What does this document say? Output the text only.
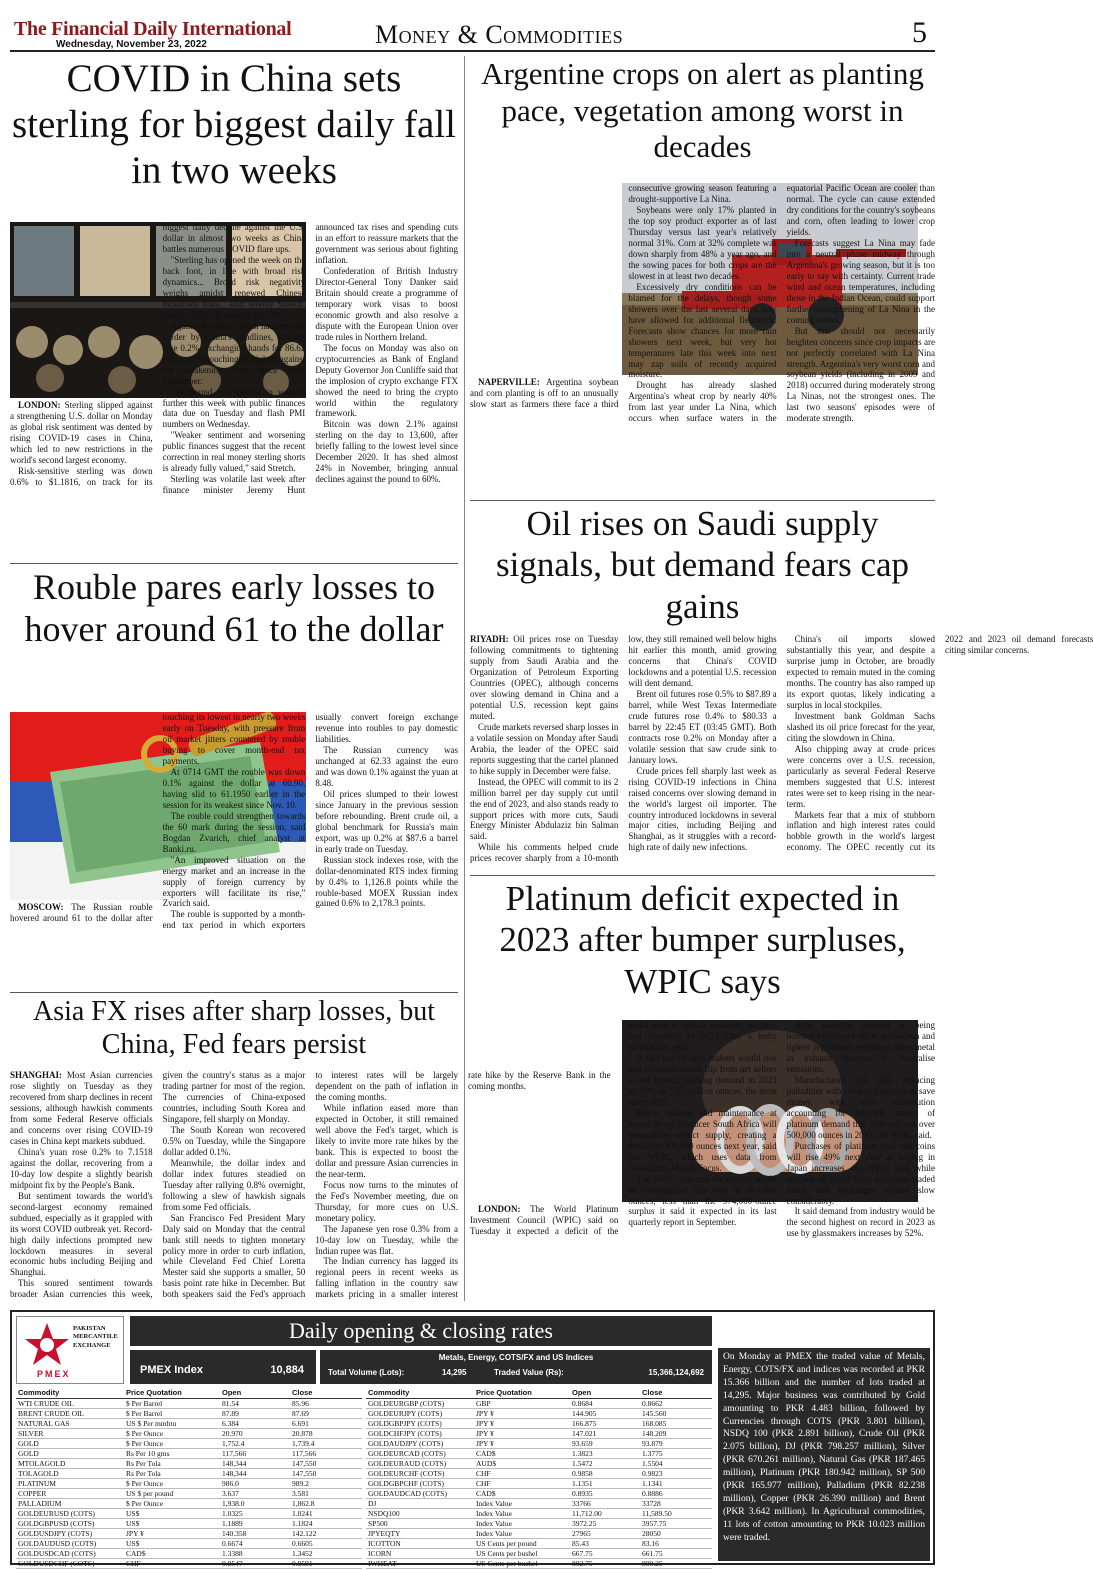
The Financial Daily International
Wednesday, November 23, 2022	Money & Commodities	5
COVID in China sets sterling for biggest daily fall in two weeks

LONDON: Sterling slipped against a strengthening U.S. dollar on Monday as global risk sentiment was dented by rising COVID-19 cases in China, which led to new restrictions in the world's second largest economy.

Risk-sensitive sterling was down 0.6% to $1.1816, on track for its biggest daily decline against the U.S. dollar in almost two weeks as China battles numerous COVID flare ups.

"Sterling has opened the week on the back foot, in line with broad risk dynamics... Broad risk negativity weighs amidst renewed Chinese lockdown fears," said Jeremy Stretch, head of G10 FX strategy at CIBC.

Against the euro, which has been hit harder by China's headlines, sterling rose 0.2%, exchanging hands for 86.62 pence, after touching its highest against the weakening euro since early November.

The pound is expected to weaken further this week with public finances data due on Tuesday and flash PMI numbers on Wednesday.

"Weaker sentiment and worsening public finances suggest that the recent correction in real money sterling shorts is already fully valued," said Stretch.

Sterling was volatile last week after finance minister Jeremy Hunt announced tax rises and spending cuts in an effort to reassure markets that the government was serious about fighting inflation.

Confederation of British Industry Director-General Tony Danker said Britain should create a programme of temporary work visas to boost economic growth and also resolve a dispute with the European Union over trade rules in Northern Ireland.

The focus on Monday was also on cryptocurrencies as Bank of England Deputy Governor Jon Cunliffe said that the implosion of crypto exchange FTX showed the need to bring the crypto world within the regulatory framework.

Bitcoin was down 2.1% against sterling on the day to 13,600, after briefly falling to the lowest level since December 2020. It has shed almost 24% in November, bringing annual declines against the pound to 60%.

Argentine crops on alert as planting pace, vegetation among worst in decades

NAPERVILLE: Argentina soybean and corn planting is off to an unusually slow start as farmers there face a third consecutive growing season featuring a drought-supportive La Nina.

Soybeans were only 17% planted in the top soy product exporter as of last Thursday versus last year's relatively normal 31%. Corn at 32% complete was down sharply from 48% a year ago, and the sowing paces for both crops are the slowest in at least two decades.

Excessively dry conditions can be blamed for the delays, though some showers over the last several days may have allowed for additional fieldwork. Forecasts show chances for more rain showers next week, but very hot temperatures late this week into next may zap soils of recently acquired moisture.

Drought has already slashed Argentina's wheat crop by nearly 40% from last year under La Nina, which occurs when surface waters in the equatorial Pacific Ocean are cooler than normal. The cycle can cause extended dry conditions for the country's soybeans and corn, often leading to lower crop yields.

Forecasts suggest La Nina may fade into a neutral phase midway through Argentina's growing season, but it is too early to say with certainty. Current trade wind and ocean temperatures, including those in the Indian Ocean, could support further strengthening of La Nina in the coming weeks.

But that should not necessarily heighten concerns since crop impacts are not perfectly correlated with La Nina strength. Argentina's very worst corn and soybean yields (including in 2009 and 2018) occurred during moderately strong La Ninas, not the strongest ones. The last two seasons' episodes were of moderate strength.

Rouble pares early losses to hover around 61 to the dollar

MOSCOW: The Russian rouble hovered around 61 to the dollar after touching its lowest in nearly two weeks early on Tuesday, with pressure from oil market jitters countered by rouble buying to cover month-end tax payments.

At 0714 GMT the rouble was down 0.1% against the dollar at 60.90, having slid to 61.1950 earlier in the session for its weakest since Nov. 10.

The rouble could strengthen towards the 60 mark during the session, said Bogdan Zvarich, chief analyst at Banki.ru.

"An improved situation on the energy market and an increase in the supply of foreign currency by exporters will facilitate its rise," Zvarich said.

The rouble is supported by a month-end tax period in which exporters usually convert foreign exchange revenue into roubles to pay domestic liabilities.

The Russian currency was unchanged at 62.33 against the euro and was down 0.1% against the yuan at 8.48.

Oil prices slumped to their lowest since January in the previous session before rebounding. Brent crude oil, a global benchmark for Russia's main export, was up 0.2% at $87.6 a barrel in early trade on Tuesday.

Russian stock indexes rose, with the dollar-denominated RTS index firming by 0.4% to 1,126.8 points while the rouble-based MOEX Russian index gained 0.6% to 2,178.3 points.

Oil rises on Saudi supply signals, but demand fears cap gains

RIYADH: Oil prices rose on Tuesday following commitments to tightening supply from Saudi Arabia and the Organization of Petroleum Exporting Countries (OPEC), although concerns over slowing demand in China and a potential U.S. recession kept gains muted.

Crude markets reversed sharp losses in a volatile session on Monday after Saudi Arabia, the leader of the OPEC said reports suggesting that the cartel planned to hike supply in December were false.

Instead, the OPEC will commit to its 2 million barrel per day supply cut until the end of 2023, and also stands ready to support prices with more cuts, Saudi Energy Minister Abdulaziz bin Salman said.

While his comments helped crude prices recover sharply from a 10-month low, they still remained well below highs hit earlier this month, amid growing concerns that China's COVID lockdowns and a potential U.S. recession will dent demand.

Brent oil futures rose 0.5% to $87.89 a barrel, while West Texas Intermediate crude futures rose 0.4% to $80.33 a barrel by 22:45 ET (03:45 GMT). Both contracts rose 0.2% on Monday after a volatile session that saw crude sink to January lows.

Crude prices fell sharply last week as rising COVID-19 infections in China raised concerns over slowing demand in the world's largest oil importer. The country introduced lockdowns in several major cities, including Beijing and Shanghai, as it struggles with a record-high rate of daily new infections.

China's oil imports slowed substantially this year, and despite a surprise jump in October, are broadly expected to remain muted in the coming months. The country has also ramped up its export quotas, likely indicating a surplus in local stockpiles.

Investment bank Goldman Sachs slashed its oil price forecast for the year, citing the slowdown in China.

Also chipping away at crude prices were concerns over a U.S. recession, particularly as several Federal Reserve members suggested that U.S. interest rates were set to keep rising in the near-term.

Markets fear that a mix of stubborn inflation and high interest rates could hobble growth in the world's largest economy. The OPEC recently cut its 2022 and 2023 oil demand forecasts citing similar concerns.

Asia FX rises after sharp losses, but China, Fed fears persist

SHANGHAI: Most Asian currencies rose slightly on Tuesday as they recovered from sharp declines in recent sessions, although hawkish comments from some Federal Reserve officials and concerns over rising COVID-19 cases in China kept markets subdued.

China's yuan rose 0.2% to 7.1518 against the dollar, recovering from a 10-day low despite a slightly bearish midpoint fix by the People's Bank.

But sentiment towards the world's second-largest economy remained subdued, especially as it grappled with its worst COVID outbreak yet. Record-high daily infections prompted new lockdown measures in several economic hubs including Beijing and Shanghai.

This soured sentiment towards broader Asian currencies this week, given the country's status as a major trading partner for most of the region. The currencies of China-exposed countries, including South Korea and Singapore, fell sharply on Monday.

The South Korean won recovered 0.5% on Tuesday, while the Singapore dollar added 0.1%.

Meanwhile, the dollar index and dollar index futures steadied on Tuesday after rallying 0.8% overnight, following a slew of hawkish signals from some Fed officials.

San Francisco Fed President Mary Daly said on Monday that the central bank still needs to tighten monetary policy more in order to curb inflation, while Cleveland Fed Chief Loretta Mester said she supports a smaller, 50 basis point rate hike in December. But both speakers said the Fed's approach to interest rates will be largely dependent on the path of inflation in the coming months.

While inflation eased more than expected in October, it still remained well above the Fed's target, which is likely to invite more rate hikes by the bank. This is expected to boost the dollar and pressure Asian currencies in the near-term.

Focus now turns to the minutes of the Fed's November meeting, due on Thursday, for more cues on U.S. monetary policy.

The Japanese yen rose 0.3% from a 10-day low on Tuesday, while the Indian rupee was flat.

The Indian currency has lagged its regional peers in recent weeks as falling inflation in the country saw markets pricing in a smaller interest rate hike by the Reserve Bank in the coming months.

Platinum deficit expected in 2023 after bumper surpluses, WPIC says

LONDON: The World Platinum Investment Council (WPIC) said on Tuesday it expected a deficit of the metal used in vehicle exhausts, industry and jewellery in 2023 after a hefty surplus this year.

It said use by auto makers would rise and investors would flip from net sellers to net buyers, pushing demand in 2023 up 19% to 7.77 million ounces, the most since 2020.

Power outages and maintenance at mines in top producer South Africa will meanwhile restrict supply, creating a deficit of 303,000 ounces next year, said the WPIC, which uses data from consultants Metals Focus.

The WPIC also said the market would be oversupplied this year by 804,000 ounces, less than the 974,000-ounce surplus it said it expected in its last quarterly report in September.

Auto industry demand is being boosted by rising vehicle production and tighter regulations requiring more metal in exhaust systems to neutralise emissions.

Manufacturers are also replacing palladium with cheaper platinum to save money, with such substitution accounting for 340,000 ounces of platinum demand this year and just over 500,000 ounces in 2023, the WPIC said.

Purchases of platinum bars and coins will rise 49% next year as buying in Japan increases, the WPIC said, while outflow of metal from exchange traded funds and exchanges should slow considerably.

It said demand from industry would be the second highest on record in 2023 as use by glassmakers increases by 52%.

PAKISTAN
MERCANTILE
EXCHANGE
PMEX
Daily opening & closing rates
PMEX Index	10,884
Metals, Energy, COTS/FX and US Indices
Total Volume (Lots):	14,295	Traded Value (Rs):	15,366,124,692
Commodity	Price Quotation	Open	Close
WTI CRUDE OIL	$ Per Barrel	81.54	85.96
BRENT CRUDE OIL	$ Per Barrel	87.89	87.69
NATURAL GAS	US $ Per mmbtu	6.384	6.691
SILVER	$ Per Ounce	20.970	20.878
GOLD	$ Per Ounce	1,752.4	1,739.4
GOLD	Rs Per 10 gms	117,566	117,566
MTOLAGOLD	Rs Per Tola	148,344	147,550
TOLAGOLD	Rs Per Tola	148,344	147,550
PLATINUM	$ Per Ounce	986.0	989.2
COPPER	US $ per pound	3.637	3.581
PALLADIUM	$ Per Ounce	1,938.0	1,862.8
GOLDEURUSD (COTS)	US$	1.0325	1.0241
GOLDGBPUSD (COTS)	US$	1.1889	1.1824
GOLDUSDJPY (COTS)	JPY ¥	140.358	142.122
GOLDAUDUSD (COTS)	US$	0.6674	0.6605
GOLDUSDCAD (COTS)	CAD$	1.3388	1.3452
GOLDUSDCHF (COTS)	CHF	0.9547	0.9591
Commodity	Price Quotation	Open	Close
GOLDEURGBP (COTS)	GBP	0.8684	0.8662
GOLDEURJPY (COTS)	JPY ¥	144.905	145.560
GOLDGBPJPY (COTS)	JPY ¥	166.875	168.085
GOLDCHFJPY (COTS)	JPY ¥	147.021	148.209
GOLDAUDJPY (COTS)	JPY ¥	93.659	93.879
GOLDEURCAD (COTS)	CAD$	1.3823	1.3775
GOLDEURAUD (COTS)	AUD$	1.5472	1.5504
GOLDEURCHF (COTS)	CHF	0.9858	0.9823
GOLDGBPCHF (COTS)	CHF	1.1351	1.1341
GOLDAUDCAD (COTS)	CAD$	0.8935	0.8886
DJ	Index Value	33766	33728
NSDQ100	Index Value	11,712.00	11,589.50
SP500	Index Value	3972.25	3957.75
JPYEQTY	Index Value	27965	28050
ICOTTON	US Cents per pound	85.43	83.16
ICORN	US Cents per bushel	667.75	661.75
IWHEAT	US Cents per bushel	802.75	800.25
On Monday at PMEX the traded value of Metals, Energy, COTS/FX and indices was recorded at PKR 15.366 billion and the number of lots traded at 14,295. Major business was contributed by Gold amounting to PKR 4.483 billion, followed by Currencies through COTS (PKR 3.801 billion), NSDQ 100 (PKR 2.891 billion), Crude Oil (PKR 2.075 billion), DJ (PKR 798.257 million), Silver (PKR 670.261 million), Natural Gas (PKR 187.465 million), Platinum (PKR 180.942 million), SP 500 (PKR 165.977 million), Palladium (PKR 82.238 million), Copper (PKR 26.390 million) and Brent (PKR 3.642 million). In Agricultural commodities, 11 lots of cotton amounting to PKR 10.023 million were traded.
